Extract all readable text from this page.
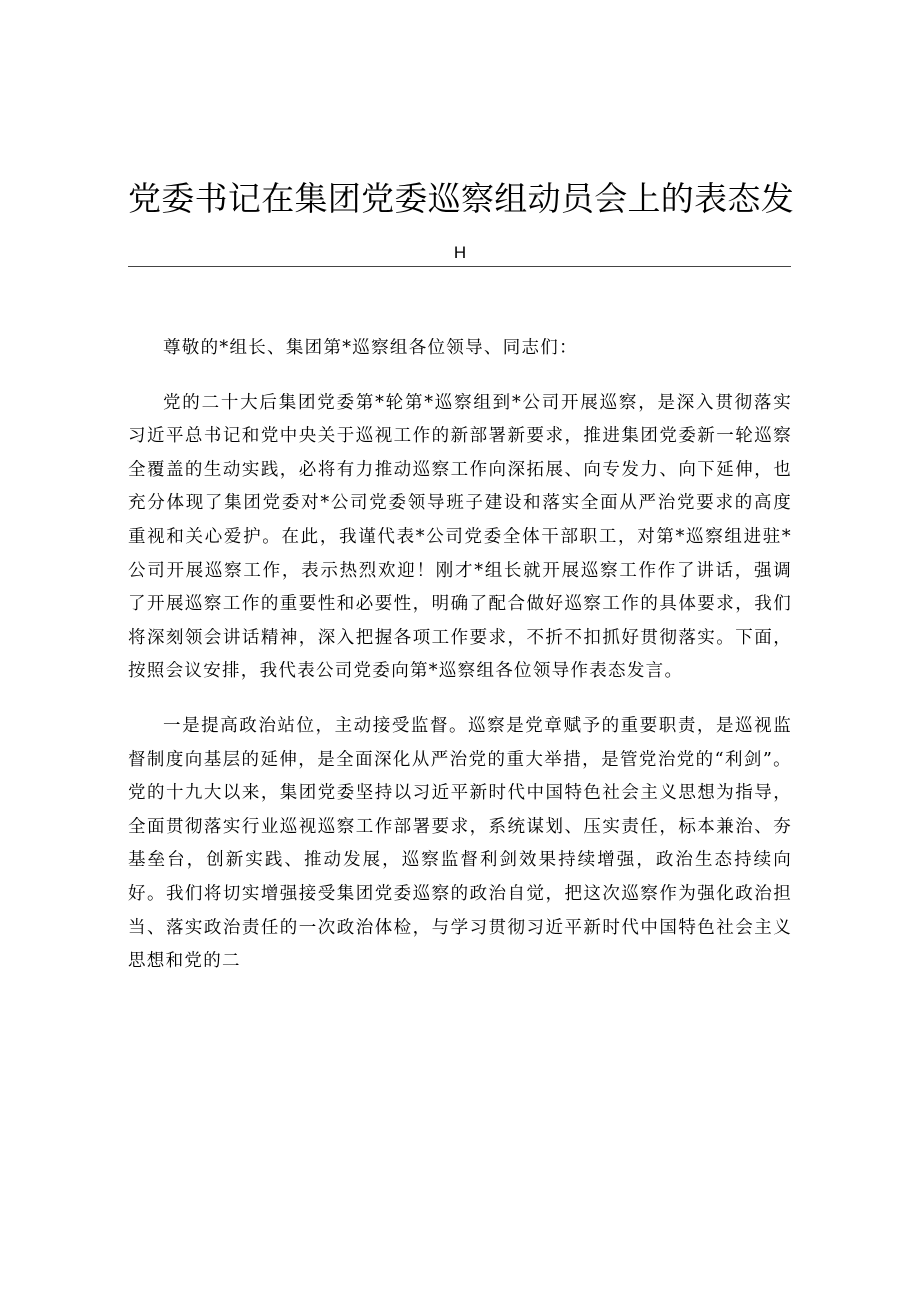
党委书记在集团党委巡察组动员会上的表态发
H

尊敬的*组长、集团第*巡察组各位领导、同志们：

党的二十大后集团党委第*轮第*巡察组到*公司开展巡察，是深入贯彻落实习近平总书记和党中央关于巡视工作的新部署新要求，推进集团党委新一轮巡察全覆盖的生动实践，必将有力推动巡察工作向深拓展、向专发力、向下延伸，也充分体现了集团党委对*公司党委领导班子建设和落实全面从严治党要求的高度重视和关心爱护。在此，我谨代表*公司党委全体干部职工，对第*巡察组进驻*公司开展巡察工作，表示热烈欢迎！刚才*组长就开展巡察工作作了讲话，强调了开展巡察工作的重要性和必要性，明确了配合做好巡察工作的具体要求，我们将深刻领会讲话精神，深入把握各项工作要求，不折不扣抓好贯彻落实。下面，按照会议安排，我代表公司党委向第*巡察组各位领导作表态发言。

一是提高政治站位，主动接受监督。巡察是党章赋予的重要职责，是巡视监督制度向基层的延伸，是全面深化从严治党的重大举措，是管党治党的“利剑”。党的十九大以来，集团党委坚持以习近平新时代中国特色社会主义思想为指导，全面贯彻落实行业巡视巡察工作部署要求，系统谋划、压实责任，标本兼治、夯基垒台，创新实践、推动发展，巡察监督利剑效果持续增强，政治生态持续向好。我们将切实增强接受集团党委巡察的政治自觉，把这次巡察作为强化政治担当、落实政治责任的一次政治体检，与学习贯彻习近平新时代中国特色社会主义思想和党的二
